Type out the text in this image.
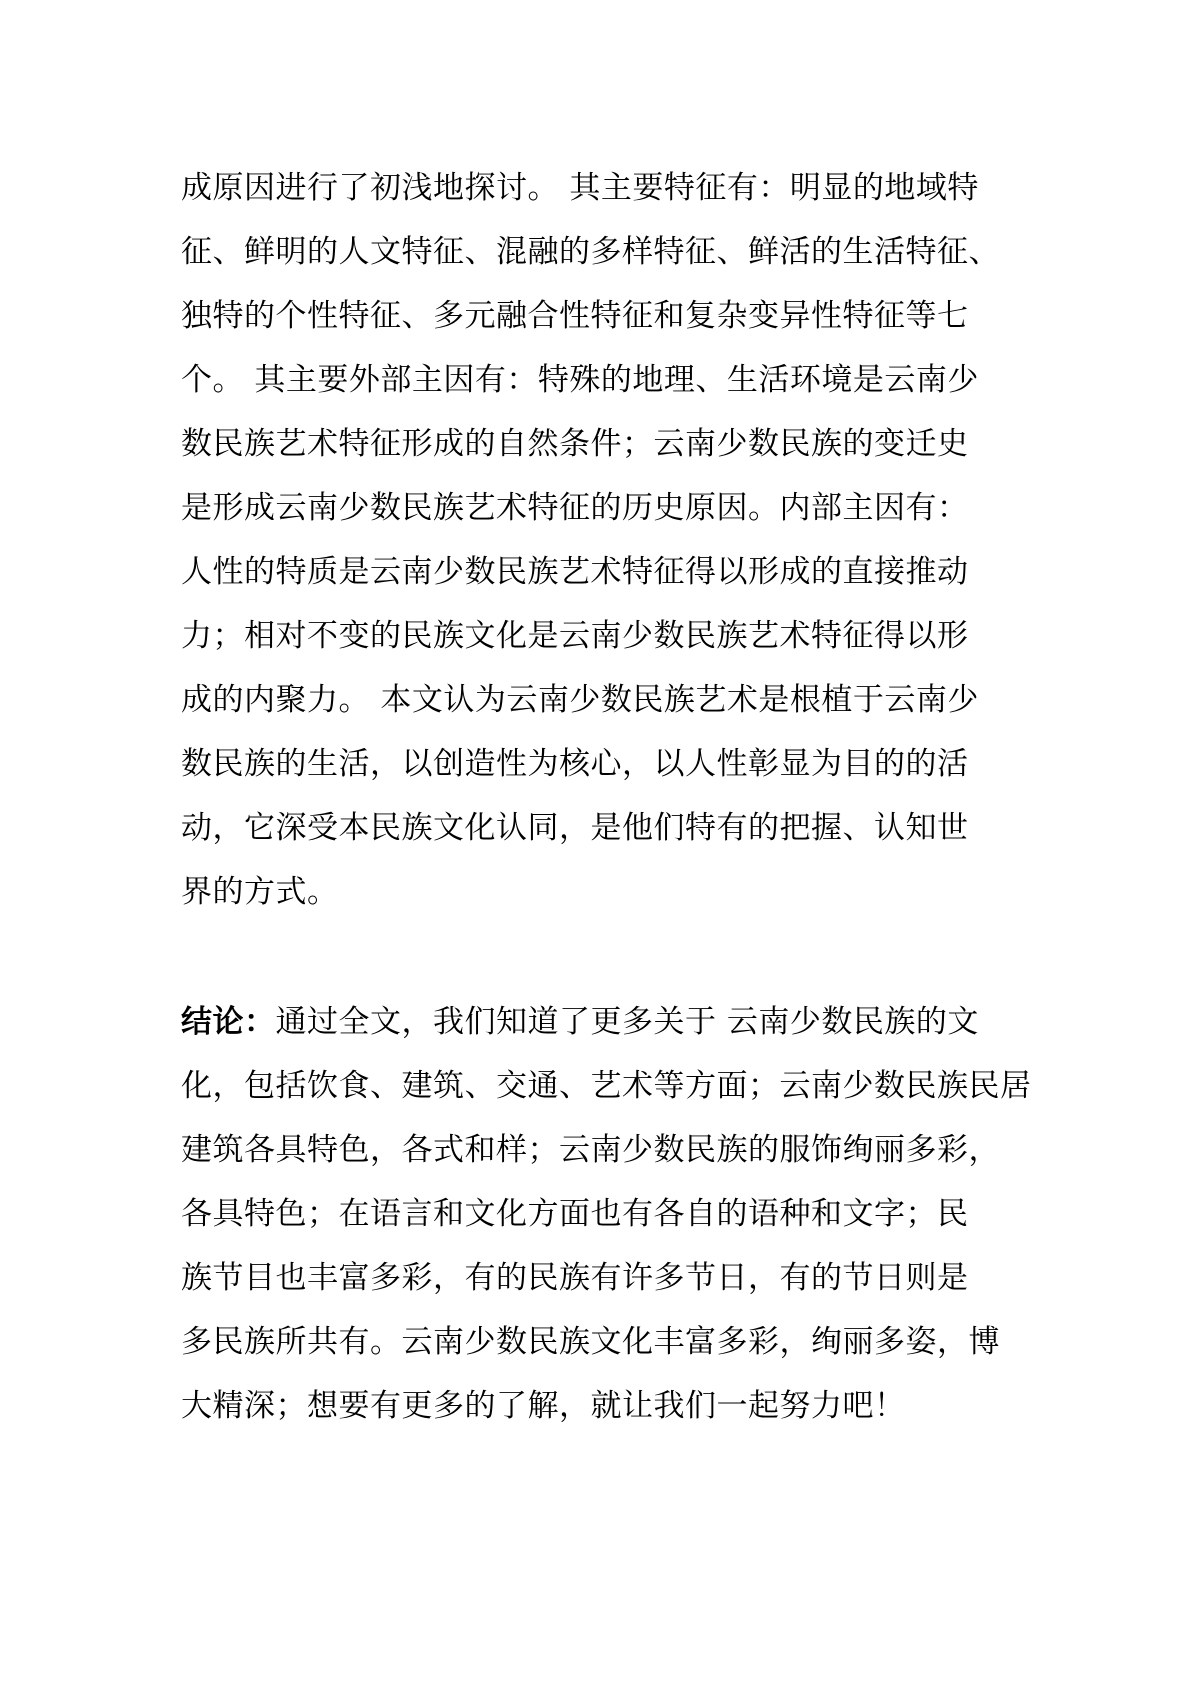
成原因进行了初浅地探讨。 其主要特征有：明显的地域特
征、鲜明的人文特征、混融的多样特征、鲜活的生活特征、
独特的个性特征、多元融合性特征和复杂变异性特征等七
个。 其主要外部主因有：特殊的地理、生活环境是云南少
数民族艺术特征形成的自然条件；云南少数民族的变迁史
是形成云南少数民族艺术特征的历史原因。内部主因有：
人性的特质是云南少数民族艺术特征得以形成的直接推动
力；相对不变的民族文化是云南少数民族艺术特征得以形
成的内聚力。 本文认为云南少数民族艺术是根植于云南少
数民族的生活，以创造性为核心，以人性彰显为目的的活
动，它深受本民族文化认同，是他们特有的把握、认知世
界的方式。
结论：通过全文，我们知道了更多关于 云南少数民族的文
化，包括饮食、建筑、交通、艺术等方面；云南少数民族民居
建筑各具特色，各式和样；云南少数民族的服饰绚丽多彩，
各具特色；在语言和文化方面也有各自的语种和文字；民
族节目也丰富多彩，有的民族有许多节日，有的节日则是
多民族所共有。云南少数民族文化丰富多彩，绚丽多姿，博
大精深；想要有更多的了解，就让我们一起努力吧！
